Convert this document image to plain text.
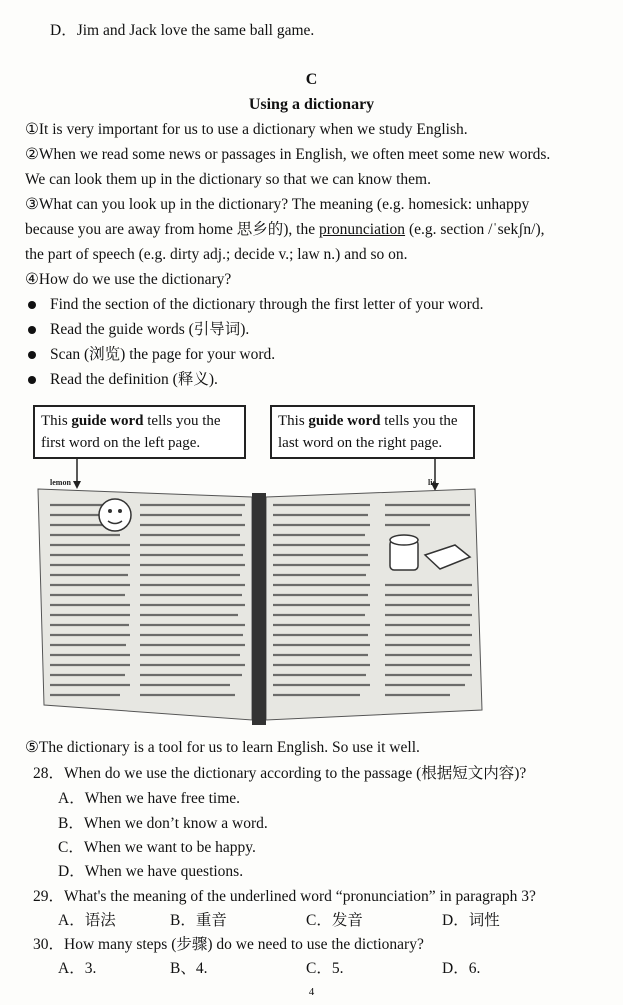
D．Jim and Jack love the same ball game.
C
Using a dictionary
①It is very important for us to use a dictionary when we study English.
②When we read some news or passages in English, we often meet some new words.
We can look them up in the dictionary so that we can know them.
③What can you look up in the dictionary? The meaning (e.g. homesick: unhappy
because you are away from home 思乡的), the pronunciation (e.g. section /ˈsekʃn/),
the part of speech (e.g. dirty adj.; decide v.; law n.) and so on.
④How do we use the dictionary?
Find the section of the dictionary through the first letter of your word.
Read the guide words (引导词).
Scan (浏览) the page for your word.
Read the definition (释义).
This guide word tells you the
first word on the left page.
This guide word tells you the
last word on the right page.
lemon	lie
⑤The dictionary is a tool for us to learn English. So use it well.
28．When do we use the dictionary according to the passage (根据短文内容)?
A．When we have free time.
B．When we don’t know a word.
C．When we want to be happy.
D．When we have questions.
29．What's the meaning of the underlined word “pronunciation” in paragraph 3?
A．语法	B．重音	C．发音	D．词性
30．How many steps (步骤) do we need to use the dictionary?
A．3.	B、4.	C．5.	D．6.
4
